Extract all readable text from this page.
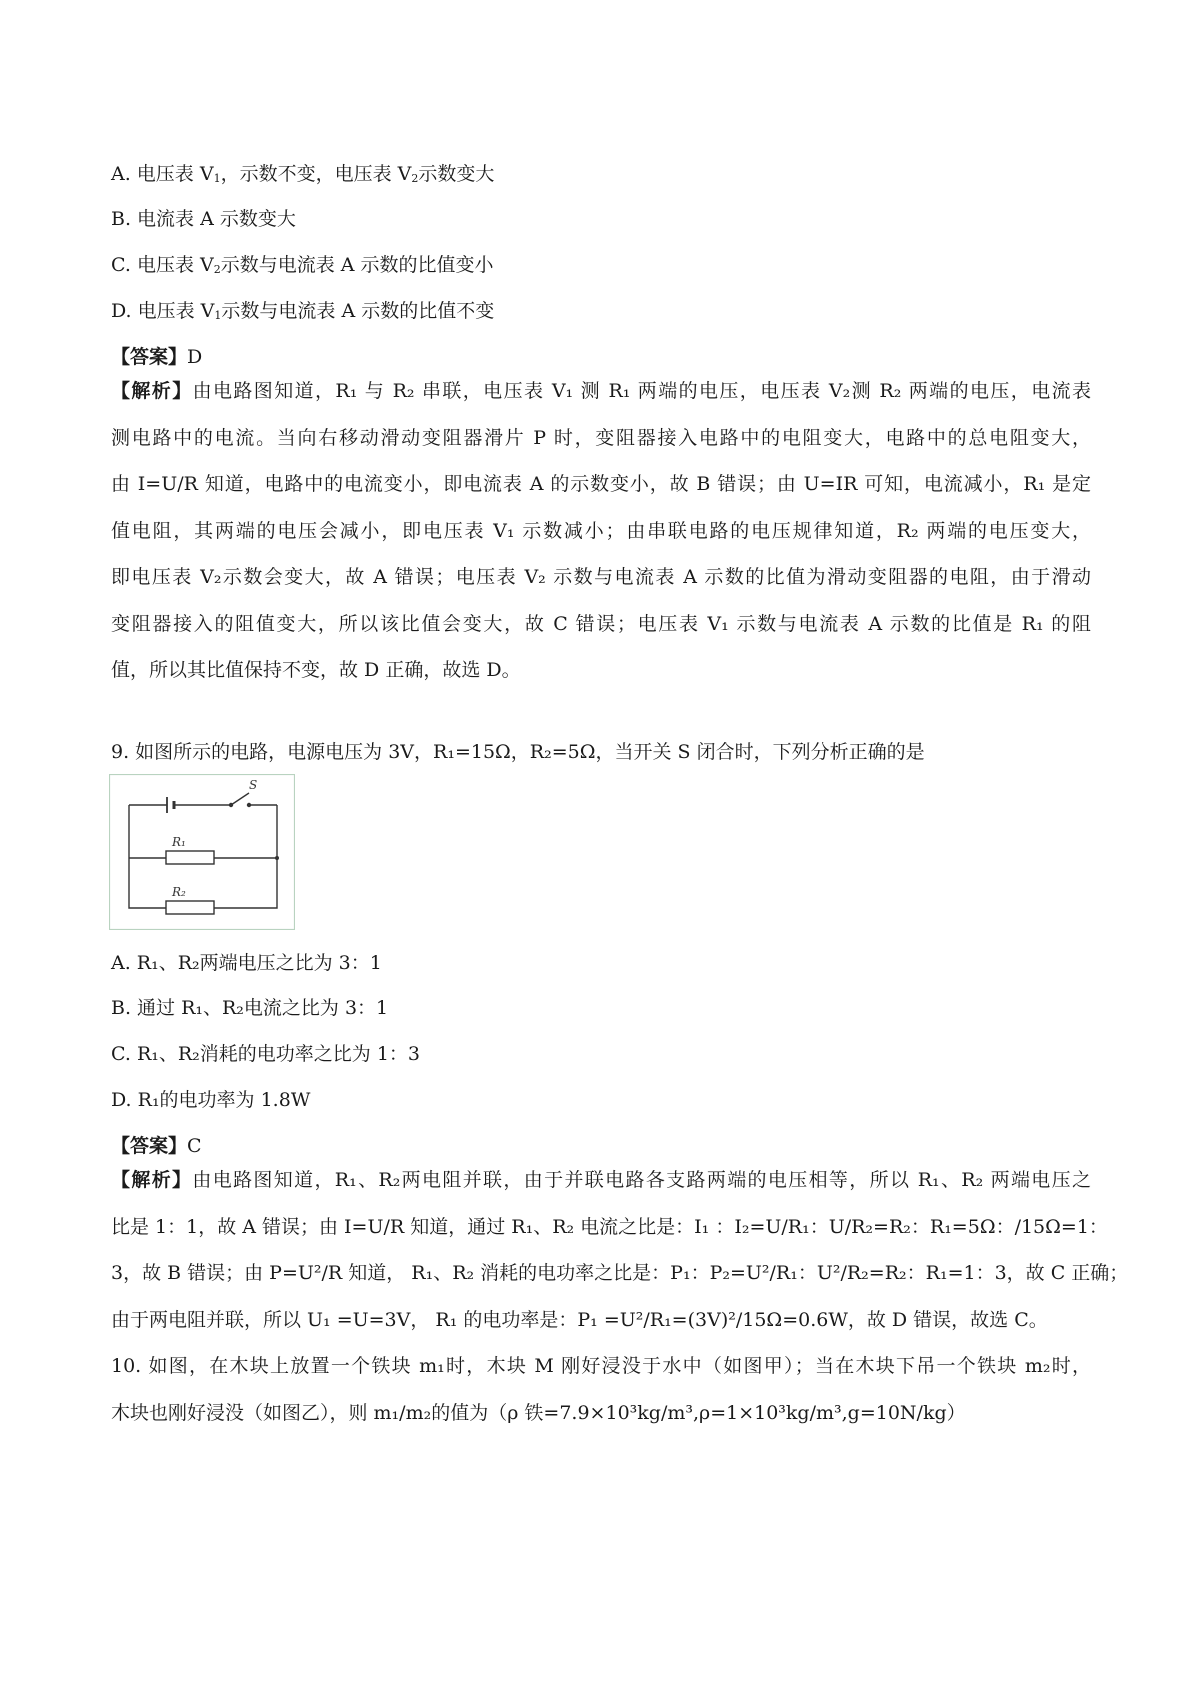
A. 电压表 $V_1$，示数不变，电压表 $V_2$示数变大
B. 电流表 A 示数变大
C. 电压表 $V_2$示数与电流表 A 示数的比值变小
D. 电压表 $V_1$示数与电流表 A 示数的比值不变
【答案】D
【解析】由电路图知道，R₁ 与 R₂ 串联，电压表 V₁ 测 R₁ 两端的电压，电压表 V₂测 R₂ 两端的电压，电流表
测电路中的电流。当向右移动滑动变阻器滑片 P 时，变阻器接入电路中的电阻变大，电路中的总电阻变大，
由 I=U/R 知道，电路中的电流变小，即电流表 A 的示数变小，故 B 错误；由 U=IR 可知，电流减小，R₁ 是定
值电阻，其两端的电压会减小，即电压表 V₁ 示数减小；由串联电路的电压规律知道，R₂ 两端的电压变大，
即电压表 V₂示数会变大，故 A 错误；电压表 V₂ 示数与电流表 A 示数的比值为滑动变阻器的电阻，由于滑动
变阻器接入的阻值变大，所以该比值会变大，故 C 错误；电压表 V₁ 示数与电流表 A 示数的比值是 R₁ 的阻
值，所以其比值保持不变，故 D 正确，故选 D。
9. 如图所示的电路，电源电压为 3V，R₁=15Ω，R₂=5Ω，当开关 S 闭合时，下列分析正确的是
S
R₁
R₂
A. R₁、R₂两端电压之比为 3：1
B. 通过 R₁、R₂电流之比为 3：1
C. R₁、R₂消耗的电功率之比为 1：3
D. R₁的电功率为 1.8W
【答案】C
【解析】由电路图知道，R₁、R₂两电阻并联，由于并联电路各支路两端的电压相等，所以 R₁、R₂ 两端电压之
比是 1：1，故 A 错误；由 I=U/R 知道，通过 R₁、R₂ 电流之比是：I₁ ：I₂=U/R₁：U/R₂=R₂：R₁=5Ω：/15Ω=1：
3，故 B 错误；由 P=U²/R 知道， R₁、R₂ 消耗的电功率之比是：P₁：P₂=U²/R₁：U²/R₂=R₂：R₁=1：3，故 C 正确；
由于两电阻并联，所以 U₁ =U=3V， R₁ 的电功率是：P₁ =U²/R₁=(3V)²/15Ω=0.6W，故 D 错误，故选 C。
10. 如图，在木块上放置一个铁块 m₁时，木块 M 刚好浸没于水中（如图甲）；当在木块下吊一个铁块 m₂时，
木块也刚好浸没（如图乙），则 m₁/m₂的值为（ρ 铁=7.9×10³kg/m³,ρ=1×10³kg/m³,g=10N/kg）
